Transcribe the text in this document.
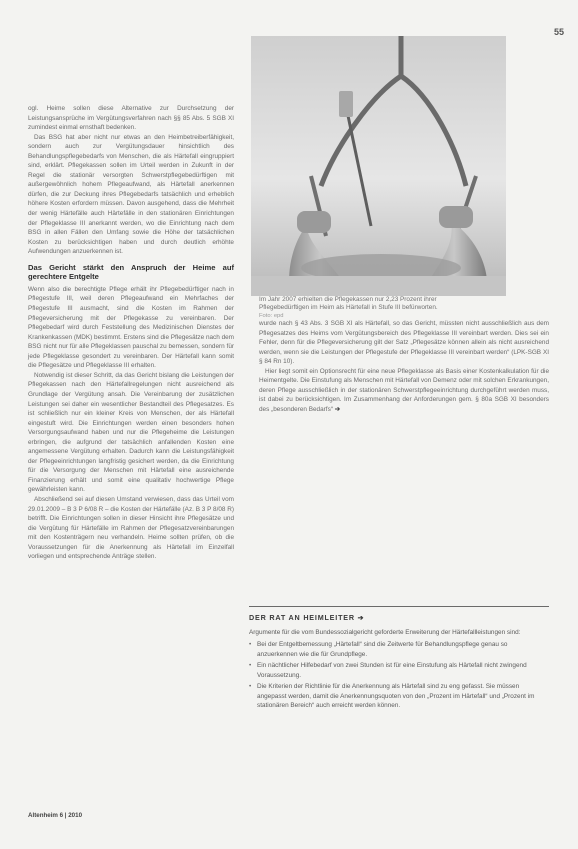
55

ogl. Heime sollen diese Alternative zur Durchsetzung der Leistungsansprüche im Vergütungsverfahren nach §§ 85 Abs. 5 SGB XI zumindest einmal ernsthaft bedenken.

Das BSG hat aber nicht nur etwas an den Heimbetreiberfähigkeit, sondern auch zur Vergütungsdauer hinsichtlich des Behandlungspflegebedarfs von Menschen, die als Härtefall eingruppiert sind, erklärt. Pflegekassen sollen im Urteil werden in Zukunft in der Regel die stationär versorgten Schwerstpflegebedürftigen mit außergewöhnlich hohem Pflegeaufwand, als Härtefall anerkennen dürfen, die zur Deckung ihres Pflegebedarfs tatsächlich und erheblich höhere Kosten erfordern müssen. Davon ausgehend, dass die Mehrheit der wenig Härtefälle auch Härtefälle in den stationären Einrichtungen der Pflegeklasse III anerkannt werden, wo die Einrichtung nach dem BSG in allen Fällen den Umfang sowie die Höhe der tatsächlichen Kosten zu berücksichtigen haben und durch deutlich erhöhte Aufwendungen anzuerkennen ist.

Das Gericht stärkt den Anspruch der Heime auf gerechtere Entgelte

Wenn also die berechtigte Pflege erhält ihr Pflegebedürftiger nach in Pflegestufe III, weil deren Pflegeaufwand ein Mehrfaches der Pflegestufe III ausmacht, sind die Kosten im Rahmen der Pflegeversicherung mit der Pflegekasse zu vereinbaren. Der Pflegebedarf wird durch Feststellung des Medizinischen Dienstes der Krankenkassen (MDK) bestimmt. Erstens sind die Pflegesätze nach dem BSG nicht nur für alle Pflegeklassen pauschal zu bemessen, sondern für jede Pflegeklasse gesondert zu vereinbaren. Der Härtefall kann somit die Pflegesätze und Pflegeklasse III erhalten.

Notwendig ist dieser Schritt, da das Gericht bislang die Leistungen der Pflegekassen nach den Härtefallregelungen nicht ausreichend als Grundlage der Vergütung ansah. Die Vereinbarung der zusätzlichen Leistungen sei daher ein wesentlicher Bestandteil des Pflegesatzes. Es ist schließlich nur ein kleiner Kreis von Menschen, der als Härtefall eingestuft wird. Die Einrichtungen werden einen besonders hohen Versorgungsaufwand haben und nur die Pflegeheime die Leistungen erbringen, die aufgrund der tatsächlich anfallenden Kosten eine angemessene Vergütung erhalten. Dadurch kann die Leistungsfähigkeit der Pflegeeinrichtungen langfristig gesichert werden, da die Einrichtung für die Versorgung der Menschen mit Härtefall eine ausreichende Finanzierung erhält und somit eine qualitativ hochwertige Pflege gewährleisten kann.

Abschließend sei auf diesen Umstand verwiesen, dass das Urteil vom 29.01.2009 – B 3 P 6/08 R – die Kosten der Härtefälle (Az. B 3 P 8/08 R) betrifft. Die Einrichtungen sollen in dieser Hinsicht ihre Pflegesätze und die Vergütung für Härtefälle im Rahmen der Pflegesatzvereinbarungen mit den Kostenträgern neu verhandeln. Heime sollten prüfen, ob die Voraussetzungen für die Anerkennung als Härtefall im Einzelfall vorliegen und entsprechende Anträge stellen.

Im Jahr 2007 erhielten die Pflegekassen nur 2,23 Prozent ihrer Pflegebedürftigen im Heim als Härtefall in Stufe III befürworten.
Foto: epd

wurde nach § 43 Abs. 3 SGB XI als Härtefall, so das Gericht, müssten nicht ausschließlich aus dem Pflegesatzes des Heims vom Vergütungsbereich des Pflegeklasse III vereinbart werden. Dies sei ein Fehler, denn für die Pflegeversicherung gilt der Satz „Pflegesätze können allein als nicht ausreichend werden, wenn sie die Leistungen der Pflegestufe der Pflegeklasse III vereinbart werden“ (LPK-SGB XI § 84 Rn 10).

Hier liegt somit ein Optionsrecht für eine neue Pflegeklasse als Basis einer Kostenkalkulation für die Heimentgelte. Die Einstufung als Menschen mit Härtefall von Demenz oder mit solchen Erkrankungen, deren Pflege ausschließlich in der stationären Schwerstpflegeeinrichtung durchgeführt werden muss, ist dabei zu berücksichtigen. Im Zusammenhang der Anforderungen gem. § 80a SGB XI besonders des „besonderen Bedarfs“ ➔

DER RAT AN HEIMLEITER ➔

Argumente für die vom Bundessozialgericht geforderte Erweiterung der Härtefallleistungen sind:

• Bei der Entgeltbemessung „Härtefall“ sind die Zeitwerte für Behandlungspflege genau so anzuerkennen wie die für Grundpflege.
• Ein nächtlicher Hilfebedarf von zwei Stunden ist für eine Einstufung als Härtefall nicht zwingend Voraussetzung.
• Die Kriterien der Richtlinie für die Anerkennung als Härtefall sind zu eng gefasst. Sie müssen angepasst werden, damit die Anerkennungsquoten von den „Prozent im Härtefall“ und „Prozent im stationären Bereich“ auch erreicht werden können.
Altenheim 6 | 2010
